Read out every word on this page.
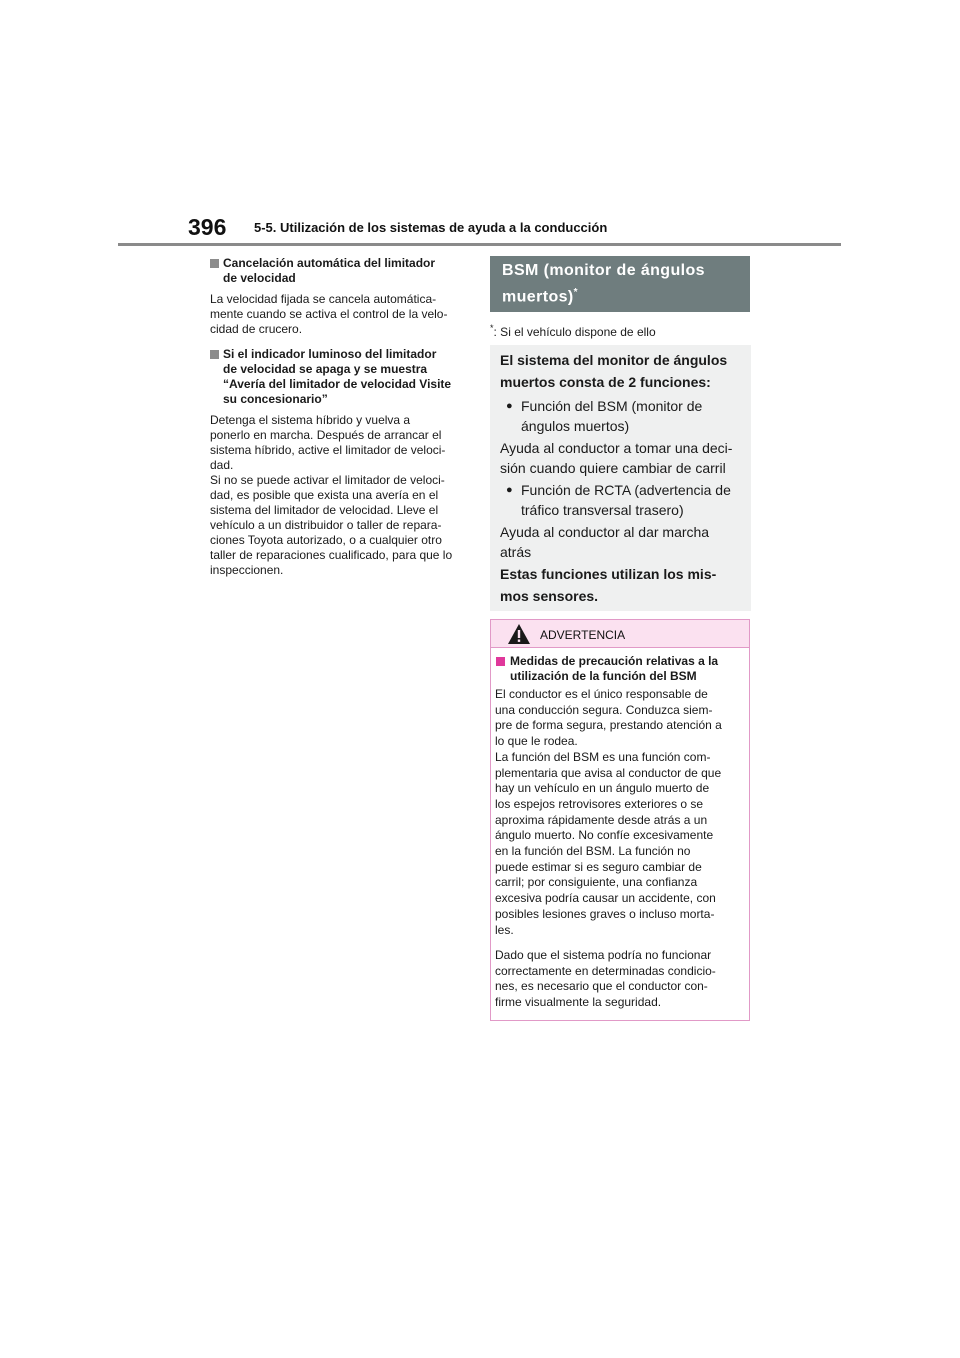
396 5-5. Utilización de los sistemas de ayuda a la conducción
Cancelación automática del limitador
de velocidad
La velocidad fijada se cancela automática-
mente cuando se activa el control de la velo-
cidad de crucero.
Si el indicador luminoso del limitador
de velocidad se apaga y se muestra
“Avería del limitador de velocidad Visite
su concesionario”
Detenga el sistema híbrido y vuelva a
ponerlo en marcha. Después de arrancar el
sistema híbrido, active el limitador de veloci-
dad.
Si no se puede activar el limitador de veloci-
dad, es posible que exista una avería en el
sistema del limitador de velocidad. Lleve el
vehículo a un distribuidor o taller de repara-
ciones Toyota autorizado, o a cualquier otro
taller de reparaciones cualificado, para que lo
inspeccionen.
BSM (monitor de ángulos
muertos)*
*: Si el vehículo dispone de ello
El sistema del monitor de ángulos
muertos consta de 2 funciones:
● Función del BSM (monitor de
ángulos muertos)
Ayuda al conductor a tomar una deci-
sión cuando quiere cambiar de carril
● Función de RCTA (advertencia de
tráfico transversal trasero)
Ayuda al conductor al dar marcha
atrás
Estas funciones utilizan los mis-
mos sensores.
ADVERTENCIA
Medidas de precaución relativas a la
utilización de la función del BSM
El conductor es el único responsable de
una conducción segura. Conduzca siem-
pre de forma segura, prestando atención a
lo que le rodea.
La función del BSM es una función com-
plementaria que avisa al conductor de que
hay un vehículo en un ángulo muerto de
los espejos retrovisores exteriores o se
aproxima rápidamente desde atrás a un
ángulo muerto. No confíe excesivamente
en la función del BSM. La función no
puede estimar si es seguro cambiar de
carril; por consiguiente, una confianza
excesiva podría causar un accidente, con
posibles lesiones graves o incluso morta-
les.
Dado que el sistema podría no funcionar
correctamente en determinadas condicio-
nes, es necesario que el conductor con-
firme visualmente la seguridad.
